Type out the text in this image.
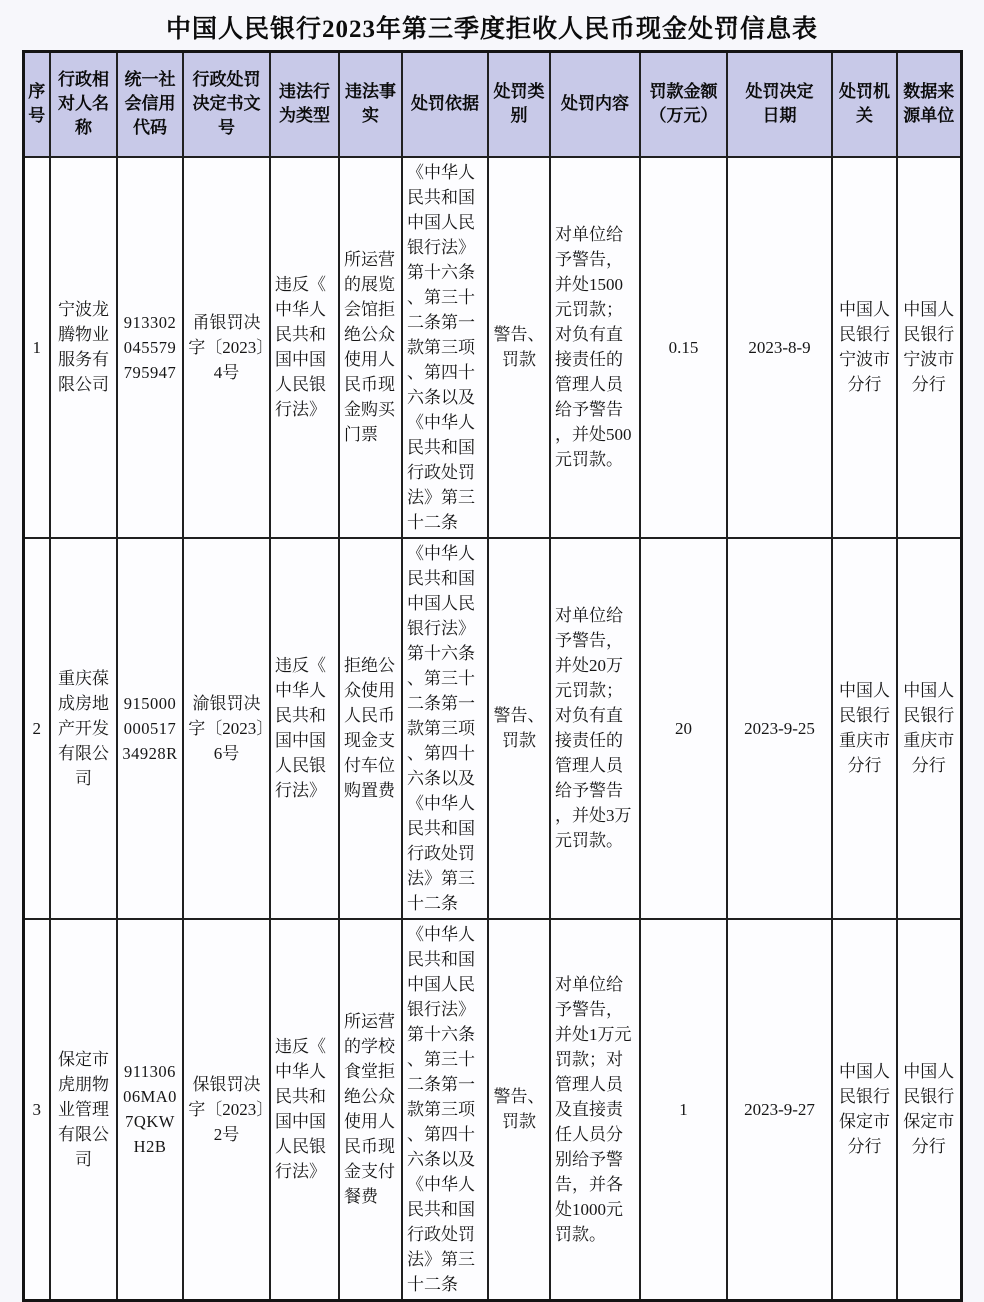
中国人民银行2023年第三季度拒收人民币现金处罚信息表
序号	行政相对人名称	统一社会信用代码	行政处罚决定书文号	违法行为类型	违法事实	处罚依据	处罚类别	处罚内容	罚款金额（万元）	处罚决定日期	处罚机关	数据来源单位
1	宁波龙腾物业服务有限公司	913302045579795947	甬银罚决字〔2023〕4号	违反《中华人民共和国中国人民银行法》	所运营的展览会馆拒绝公众使用人民币现金购买门票	《中华人民共和国中国人民银行法》第十六条、第三十二条第一款第三项、第四十六条以及《中华人民共和国行政处罚法》第三十二条	警告、罚款	对单位给予警告，并处1500元罚款；对负有直接责任的管理人员给予警告，并处500元罚款。	0.15	2023-8-9	中国人民银行宁波市分行	中国人民银行宁波市分行
2	重庆葆成房地产开发有限公司	91500000051734928R	渝银罚决字〔2023〕6号	违反《中华人民共和国中国人民银行法》	拒绝公众使用人民币现金支付车位购置费	《中华人民共和国中国人民银行法》第十六条、第三十二条第一款第三项、第四十六条以及《中华人民共和国行政处罚法》第三十二条	警告、罚款	对单位给予警告，并处20万元罚款；对负有直接责任的管理人员给予警告，并处3万元罚款。	20	2023-9-25	中国人民银行重庆市分行	中国人民银行重庆市分行
3	保定市虎朋物业管理有限公司	91130606MA07QKWH2B	保银罚决字〔2023〕2号	违反《中华人民共和国中国人民银行法》	所运营的学校食堂拒绝公众使用人民币现金支付餐费	《中华人民共和国中国人民银行法》第十六条、第三十二条第一款第三项、第四十六条以及《中华人民共和国行政处罚法》第三十二条	警告、罚款	对单位给予警告，并处1万元罚款；对管理人员及直接责任人员分别给予警告，并各处1000元罚款。	1	2023-9-27	中国人民银行保定市分行	中国人民银行保定市分行
